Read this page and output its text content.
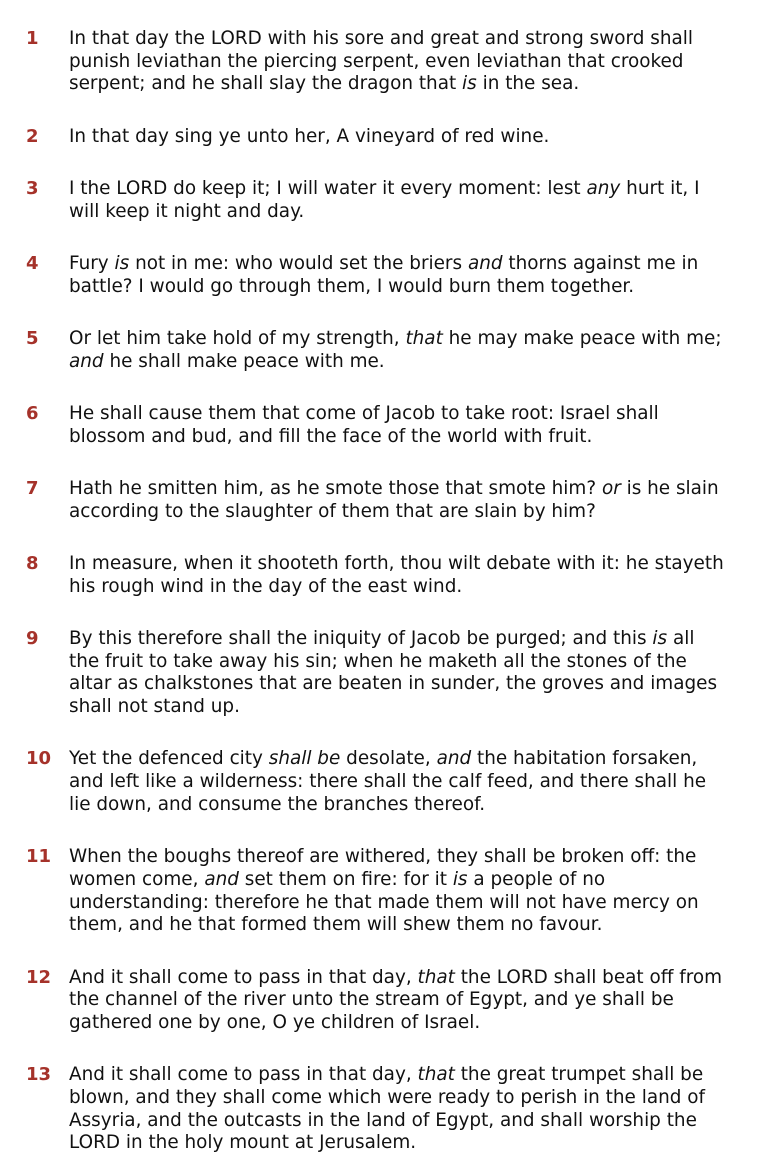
1	In that day the LORD with his sore and great and strong sword shall punish leviathan the piercing serpent, even leviathan that crooked serpent; and he shall slay the dragon that is in the sea.
2	In that day sing ye unto her, A vineyard of red wine.
3	I the LORD do keep it; I will water it every moment: lest any hurt it, I will keep it night and day.
4	Fury is not in me: who would set the briers and thorns against me in battle? I would go through them, I would burn them together.
5	Or let him take hold of my strength, that he may make peace with me; and he shall make peace with me.
6	He shall cause them that come of Jacob to take root: Israel shall blossom and bud, and fill the face of the world with fruit.
7	Hath he smitten him, as he smote those that smote him? or is he slain according to the slaughter of them that are slain by him?
8	In measure, when it shooteth forth, thou wilt debate with it: he stayeth his rough wind in the day of the east wind.
9	By this therefore shall the iniquity of Jacob be purged; and this is all the fruit to take away his sin; when he maketh all the stones of the altar as chalkstones that are beaten in sunder, the groves and images shall not stand up.
10 Yet the defenced city shall be desolate, and the habitation forsaken, and left like a wilderness: there shall the calf feed, and there shall he lie down, and consume the branches thereof.
11 When the boughs thereof are withered, they shall be broken off: the women come, and set them on fire: for it is a people of no understanding: therefore he that made them will not have mercy on them, and he that formed them will shew them no favour.
12 And it shall come to pass in that day, that the LORD shall beat off from the channel of the river unto the stream of Egypt, and ye shall be gathered one by one, O ye children of Israel.
13 And it shall come to pass in that day, that the great trumpet shall be blown, and they shall come which were ready to perish in the land of Assyria, and the outcasts in the land of Egypt, and shall worship the LORD in the holy mount at Jerusalem.
